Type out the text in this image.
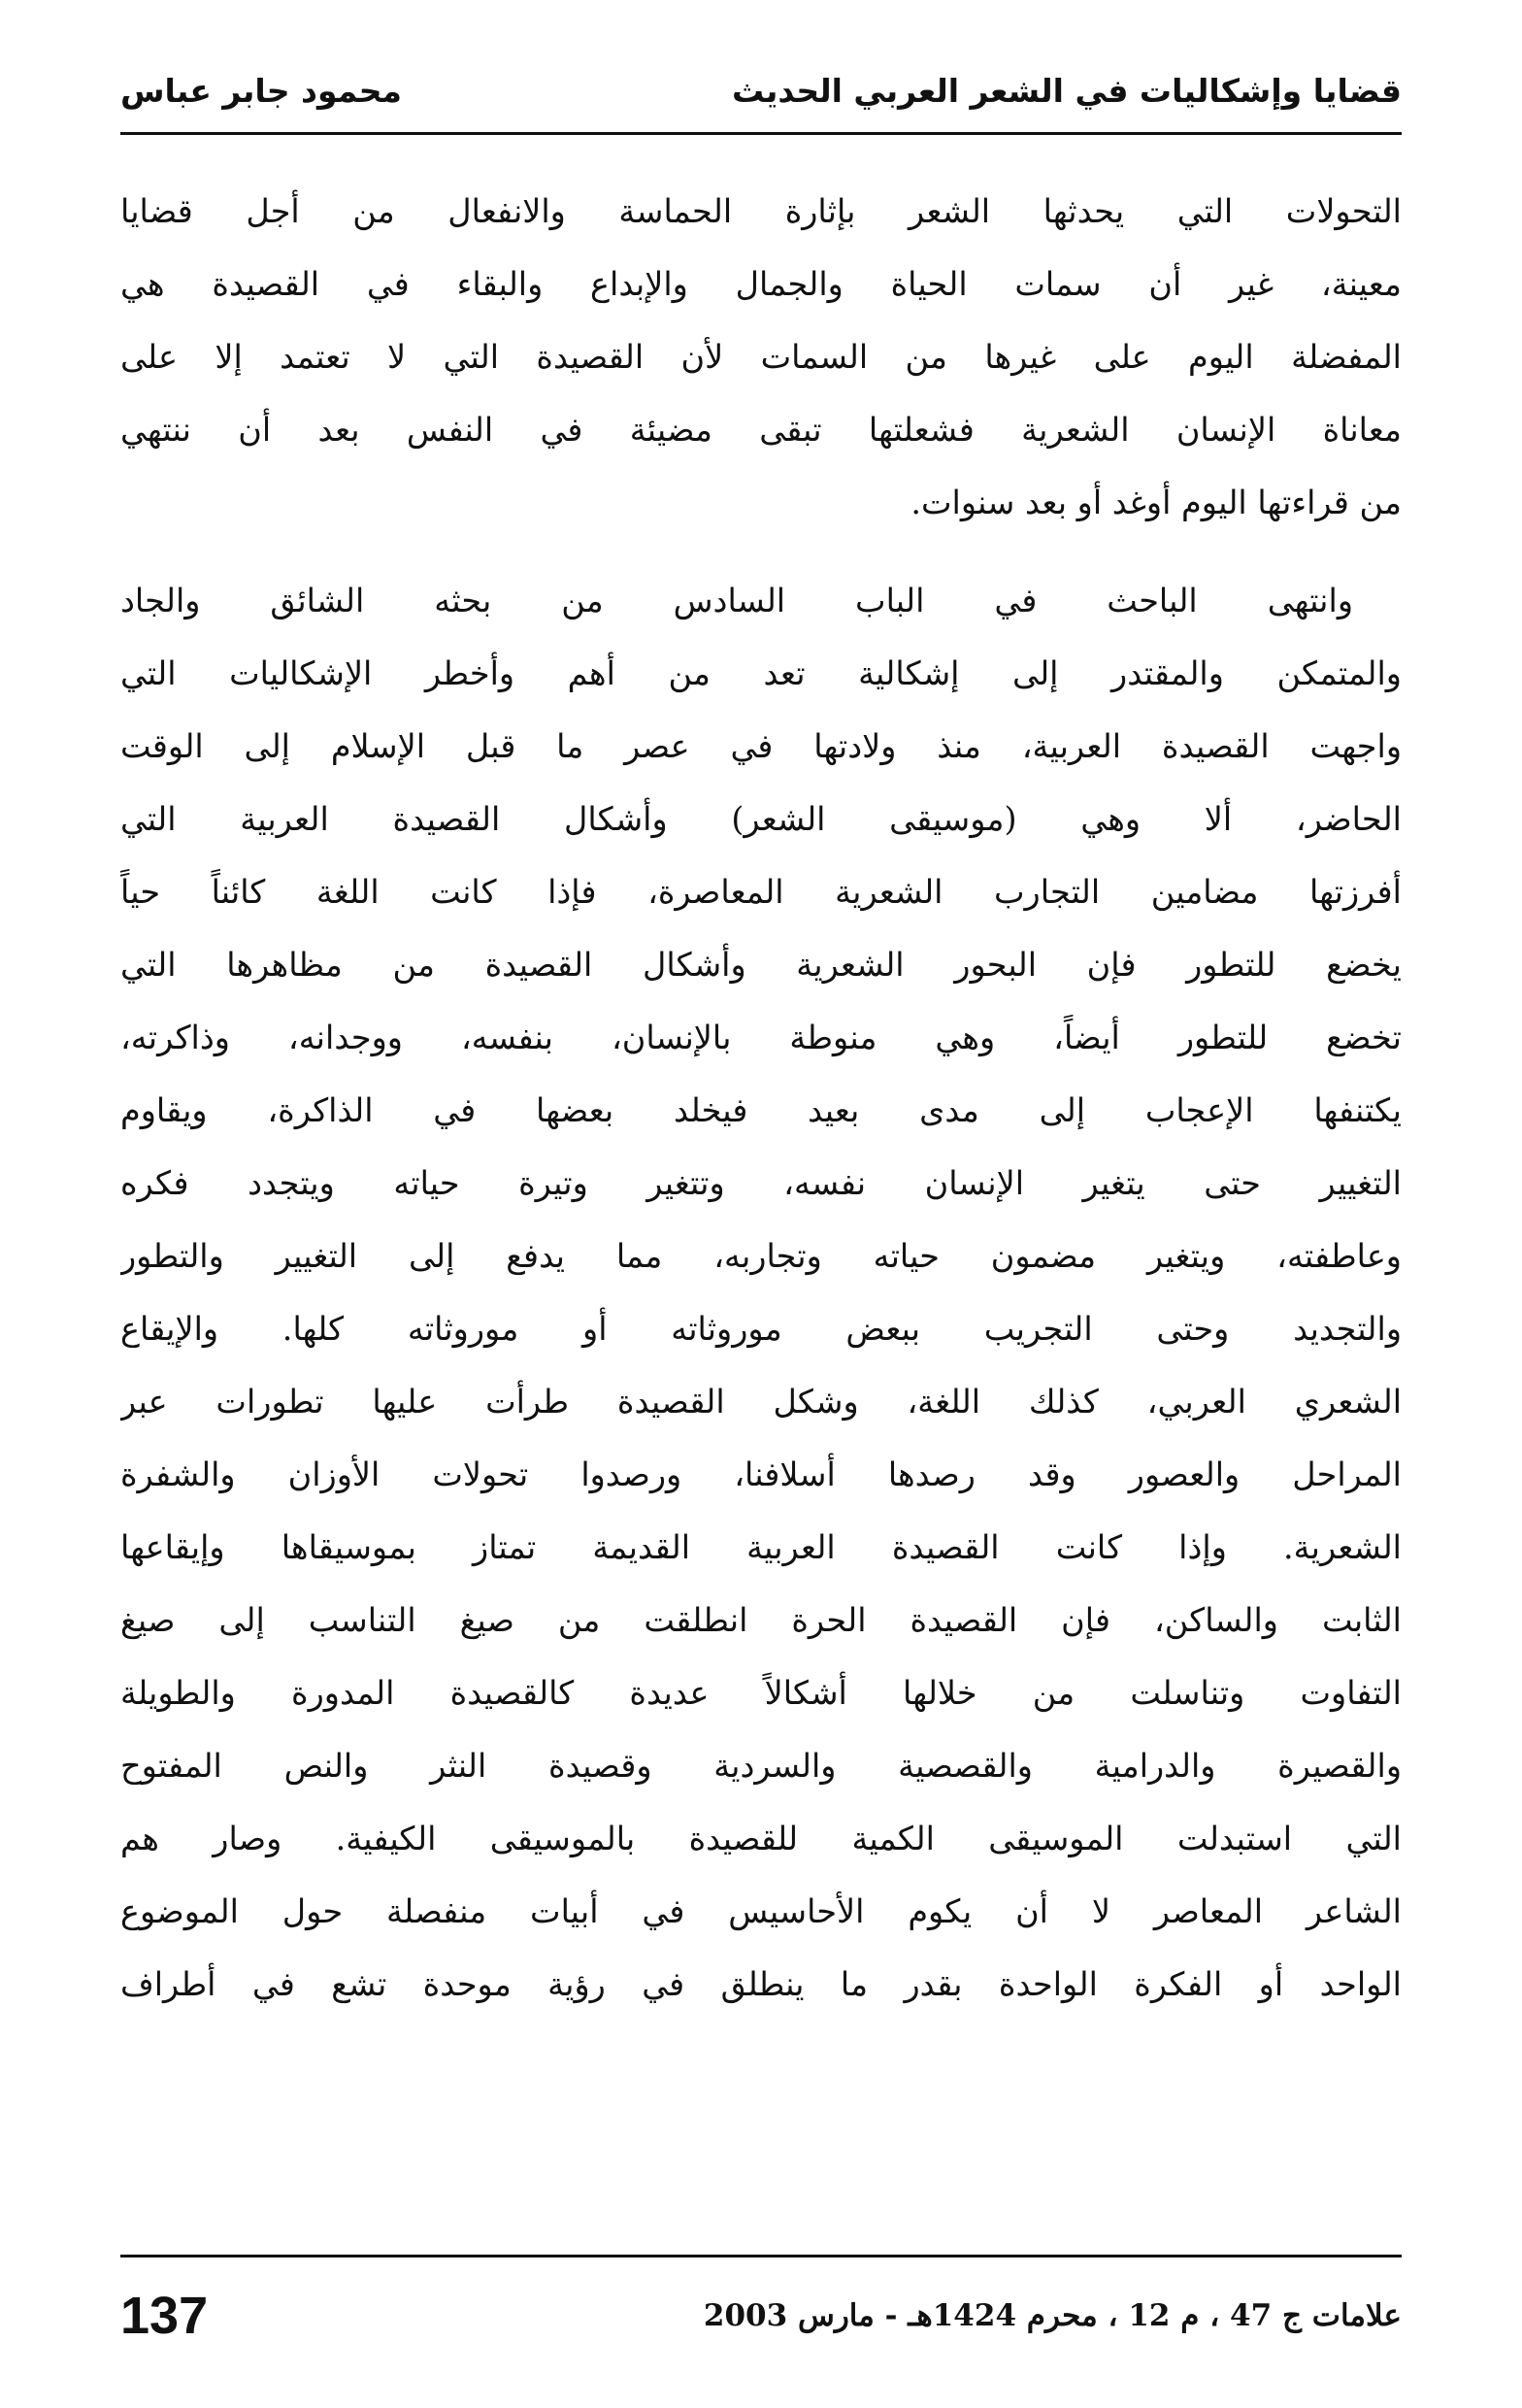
قضايا وإشكاليات في الشعر العربي الحديث
محمود جابر عباس

التحولات التي يحدثها الشعر بإثارة الحماسة والانفعال من أجل قضايا
معينة، غير أن سمات الحياة والجمال والإبداع والبقاء في القصيدة هي
المفضلة اليوم على غيرها من السمات لأن القصيدة التي لا تعتمد إلا على
معاناة الإنسان الشعرية فشعلتها تبقى مضيئة في النفس بعد أن ننتهي
من قراءتها اليوم أوغد أو بعد سنوات.

وانتهى الباحث في الباب السادس من بحثه الشائق والجاد
والمتمكن والمقتدر إلى إشكالية تعد من أهم وأخطر الإشكاليات التي
واجهت القصيدة العربية، منذ ولادتها في عصر ما قبل الإسلام إلى الوقت
الحاضر، ألا وهي (موسيقى الشعر) وأشكال القصيدة العربية التي
أفرزتها مضامين التجارب الشعرية المعاصرة، فإذا كانت اللغة كائناً حياً
يخضع للتطور فإن البحور الشعرية وأشكال القصيدة من مظاهرها التي
تخضع للتطور أيضاً، وهي منوطة بالإنسان، بنفسه، ووجدانه، وذاكرته،
يكتنفها الإعجاب إلى مدى بعيد فيخلد بعضها في الذاكرة، ويقاوم
التغيير حتى يتغير الإنسان نفسه، وتتغير وتيرة حياته ويتجدد فكره
وعاطفته، ويتغير مضمون حياته وتجاربه، مما يدفع إلى التغيير والتطور
والتجديد وحتى التجريب ببعض موروثاته أو موروثاته كلها. والإيقاع
الشعري العربي، كذلك اللغة، وشكل القصيدة طرأت عليها تطورات عبر
المراحل والعصور وقد رصدها أسلافنا، ورصدوا تحولات الأوزان والشفرة
الشعرية. وإذا كانت القصيدة العربية القديمة تمتاز بموسيقاها وإيقاعها
الثابت والساكن، فإن القصيدة الحرة انطلقت من صيغ التناسب إلى صيغ
التفاوت وتناسلت من خلالها أشكالاً عديدة كالقصيدة المدورة والطويلة
والقصيرة والدرامية والقصصية والسردية وقصيدة النثر والنص المفتوح
التي استبدلت الموسيقى الكمية للقصيدة بالموسيقى الكيفية. وصار هم
الشاعر المعاصر لا أن يكوم الأحاسيس في أبيات منفصلة حول الموضوع
الواحد أو الفكرة الواحدة بقدر ما ينطلق في رؤية موحدة تشع في أطراف

علامات ج 47 ، م 12 ، محرم 1424هـ - مارس 2003
137
